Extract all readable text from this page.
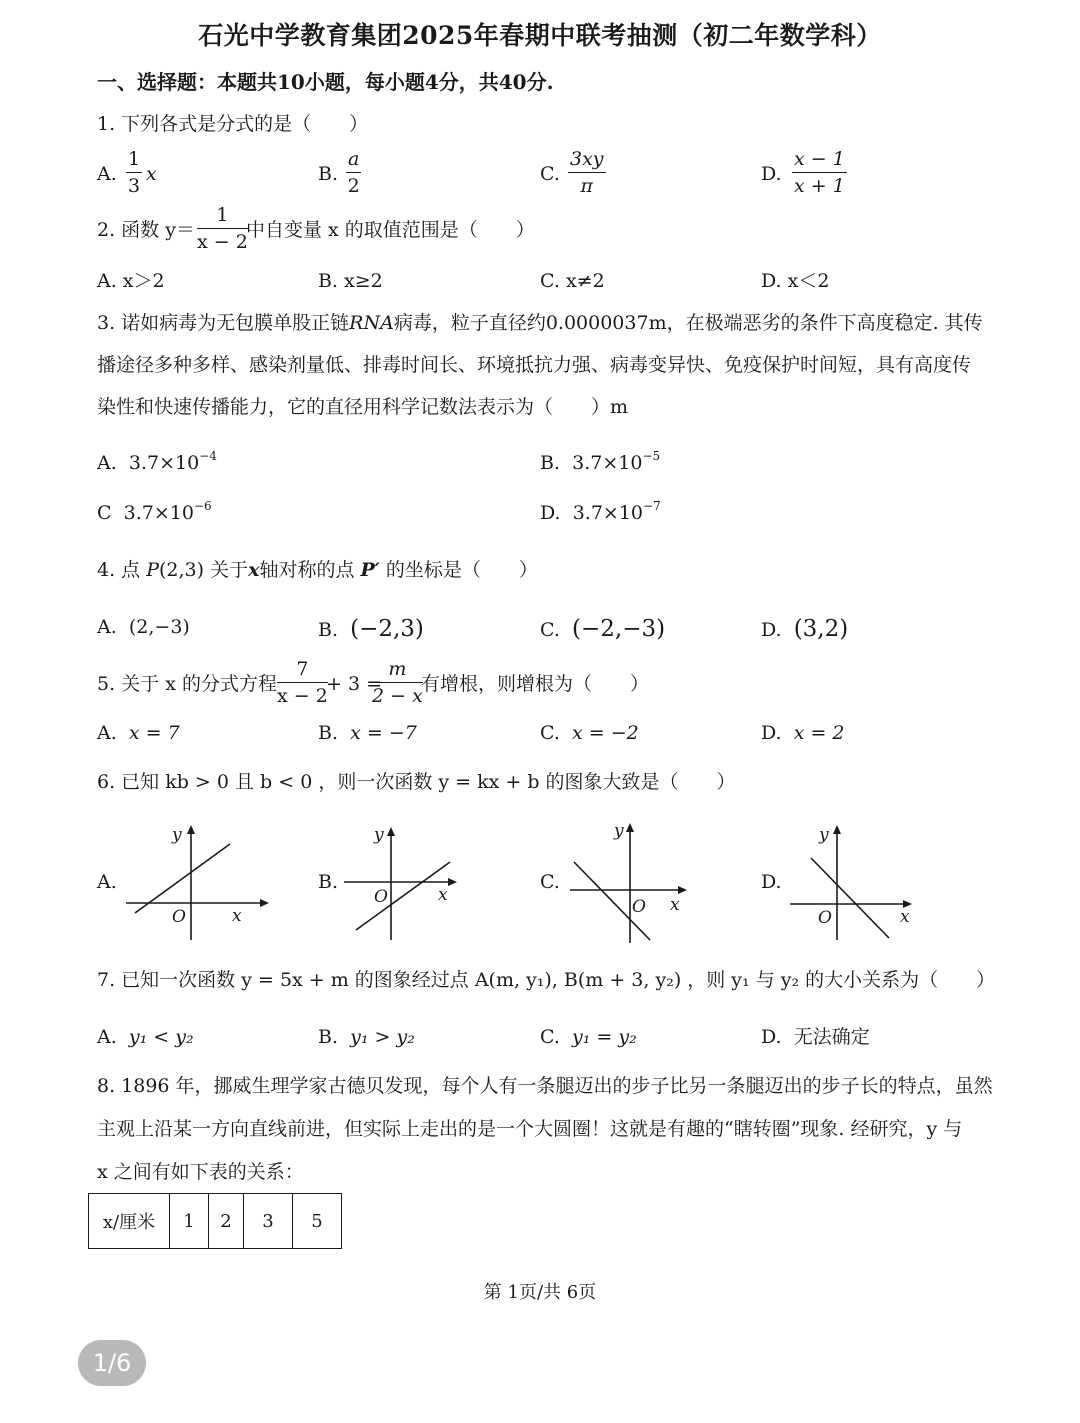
石光中学教育集团2025年春期中联考抽测（初二年数学科）
一、选择题：本题共10小题，每小题4分，共40分.
1. 下列各式是分式的是（　　）
A. $\frac{1}{3}$ x	B. $\frac{a}{2}$	C. $\frac{3xy}{\pi}$	D. $\frac{x - 1}{x + 1}$
2. 函数 $y= \frac{1}{x - 2}$
中自变量 x 的取值范围是（　　）
A. x＞2	B. x≥2	C. x≠2	D. x＜2
3. 诺如病毒为无包膜单股正链RNA病毒，粒子直径约0.0000037m，在极端恶劣的条件下高度稳定. 其传
播途径多种多样、感染剂量低、排毒时间长、环境抵抗力强、病毒变异快、免疫保护时间短，具有高度传
染性和快速传播能力，它的直径用科学记数法表示为（　　）m
A. $3.7\times 10^{-4}$	B. $3.7\times 10^{-5}$
C $3.7\times 10^{-6}$	D. $3.7\times 10^{-7}$
4. 点 P(2,3) 关于x轴对称的点 P′ 的坐标是（　　）
A. (2,−3)	B. (−2,3)	C. (−2,−3)	D. (3,2)
5. 关于 x 的分式方程 $\frac{7}{x - 2}$
+ 3 =
$\frac{m}{2 - x}$
有增根，则增根为（　　）
A. x = 7	B. x = −7	C. x = −2	D. x = 2
6. 已知 kb > 0 且 b < 0 ，则一次函数 y = kx + b 的图象大致是（　　）
A.
y
x
O
B.
y
x
O
C.
y
x
O
D.
y
x
O
7. 已知一次函数 y = 5x + m 的图象经过点 A(m, y₁), B(m + 3, y₂) ，则 y₁ 与 y₂ 的大小关系为（　　）
A. y₁ < y₂	B. y₁ > y₂	C. y₁ = y₂	D. 无法确定
8. 1896 年，挪威生理学家古德贝发现，每个人有一条腿迈出的步子比另一条腿迈出的步子长的特点，虽然
主观上沿某一方向直线前进，但实际上走出的是一个大圆圈！这就是有趣的“瞎转圈”现象. 经研究，y 与
x 之间有如下表的关系：
x/厘米	1	2	3	5
第 1页/共 6页
1/6
